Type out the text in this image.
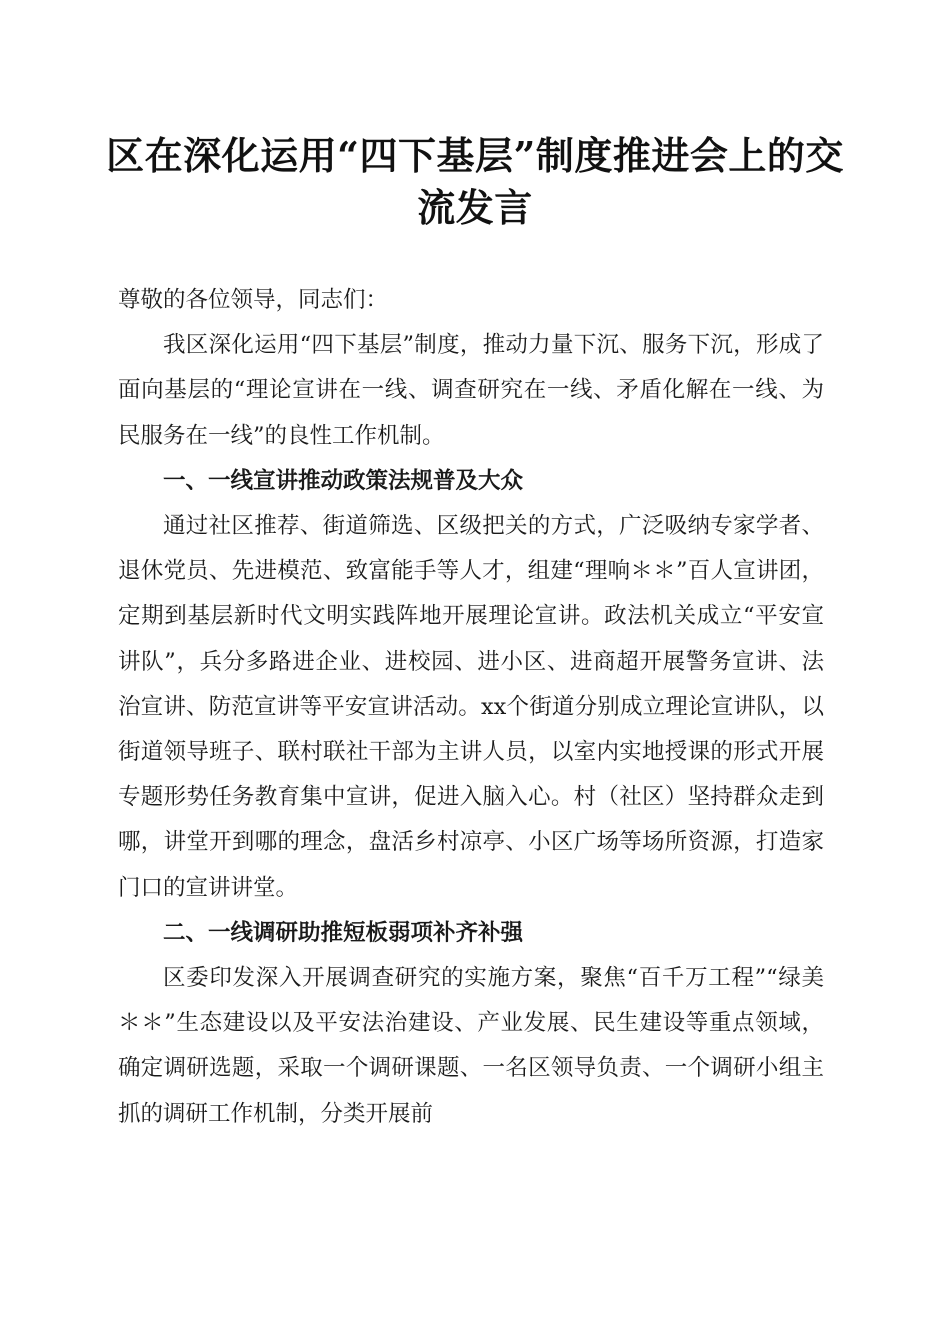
区在深化运用“四下基层”制度推进会上的交流发言

尊敬的各位领导，同志们：

我区深化运用“四下基层”制度，推动力量下沉、服务下沉，形成了面向基层的“理论宣讲在一线、调查研究在一线、矛盾化解在一线、为民服务在一线”的良性工作机制。

一、一线宣讲推动政策法规普及大众

通过社区推荐、街道筛选、区级把关的方式，广泛吸纳专家学者、退休党员、先进模范、致富能手等人才，组建“理响＊＊”百人宣讲团，定期到基层新时代文明实践阵地开展理论宣讲。政法机关成立“平安宣讲队”，兵分多路进企业、进校园、进小区、进商超开展警务宣讲、法治宣讲、防范宣讲等平安宣讲活动。xx个街道分别成立理论宣讲队，以街道领导班子、联村联社干部为主讲人员，以室内实地授课的形式开展专题形势任务教育集中宣讲，促进入脑入心。村（社区）坚持群众走到哪，讲堂开到哪的理念，盘活乡村凉亭、小区广场等场所资源，打造家门口的宣讲讲堂。

二、一线调研助推短板弱项补齐补强

区委印发深入开展调查研究的实施方案，聚焦“百千万工程”“绿美＊＊”生态建设以及平安法治建设、产业发展、民生建设等重点领域，确定调研选题，采取一个调研课题、一名区领导负责、一个调研小组主抓的调研工作机制，分类开展前
